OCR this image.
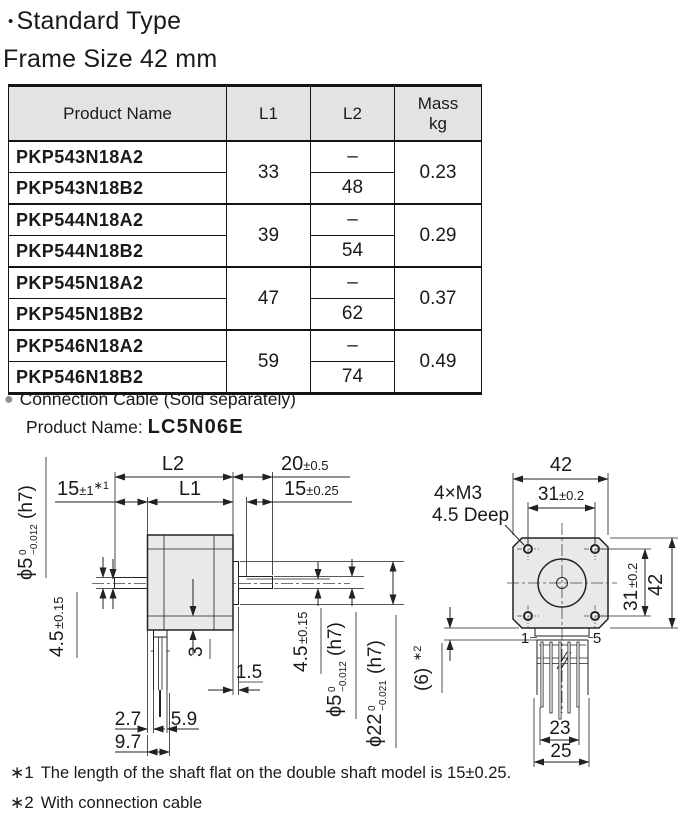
• Standard Type
Frame Size 42 mm
Product Name	L1	L2	Mass
kg

PKP543N18A2	33	–	0.23
PKP543N18B2		48	
PKP544N18A2	39	–	0.29
PKP544N18B2		54	
PKP545N18A2	47	–	0.37
PKP545N18B2		62	
PKP546N18A2	59	–	0.49
PKP546N18B2		74	
● Connection Cable (Sold separately)
Product Name: LC5N06E
L2	20±0.5
15±1$^{∗1}$	L1	15±0.25
ϕ5
0 −0.012
(h7)
4.5
±0.15
3
1.5
4.5
±0.15
ϕ5
0 −0.012
(h7)
ϕ22
0 −0.021
(h7)
2.7 5.9
9.7
42
31±0.2
4×M3
4.5 Deep
31
±0.2 42
1	5
(6)
∗2
23
25
∗1 The length of the shaft flat on the double shaft model is 15±0.25.
∗2 With connection cable
